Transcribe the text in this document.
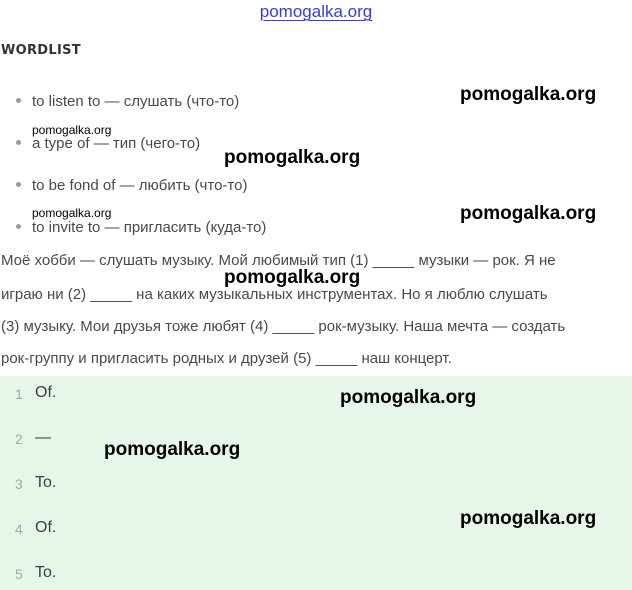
pomogalka.org
WORDLIST
to listen to — слушать (что-то)
a type of — тип (чего-то)
to be fond of — любить (что-то)
to invite to — пригласить (куда-то)
Моё хобби — слушать музыку. Мой любимый тип (1) _____ музыки — рок. Я не
играю ни (2) _____ на каких музыкальных инструментах. Но я люблю слушать
(3) музыку. Мои друзья тоже любят (4) _____ рок-музыку. Наша мечта — создать
рок-группу и пригласить родных и друзей (5) _____ наш концерт.
1 Of.
2 —
3 To.
4 Of.
5 To.
pomogalka.org
pomogalka.org
pomogalka.org
pomogalka.org
pomogalka.org
pomogalka.org
pomogalka.org
pomogalka.org
pomogalka.org
